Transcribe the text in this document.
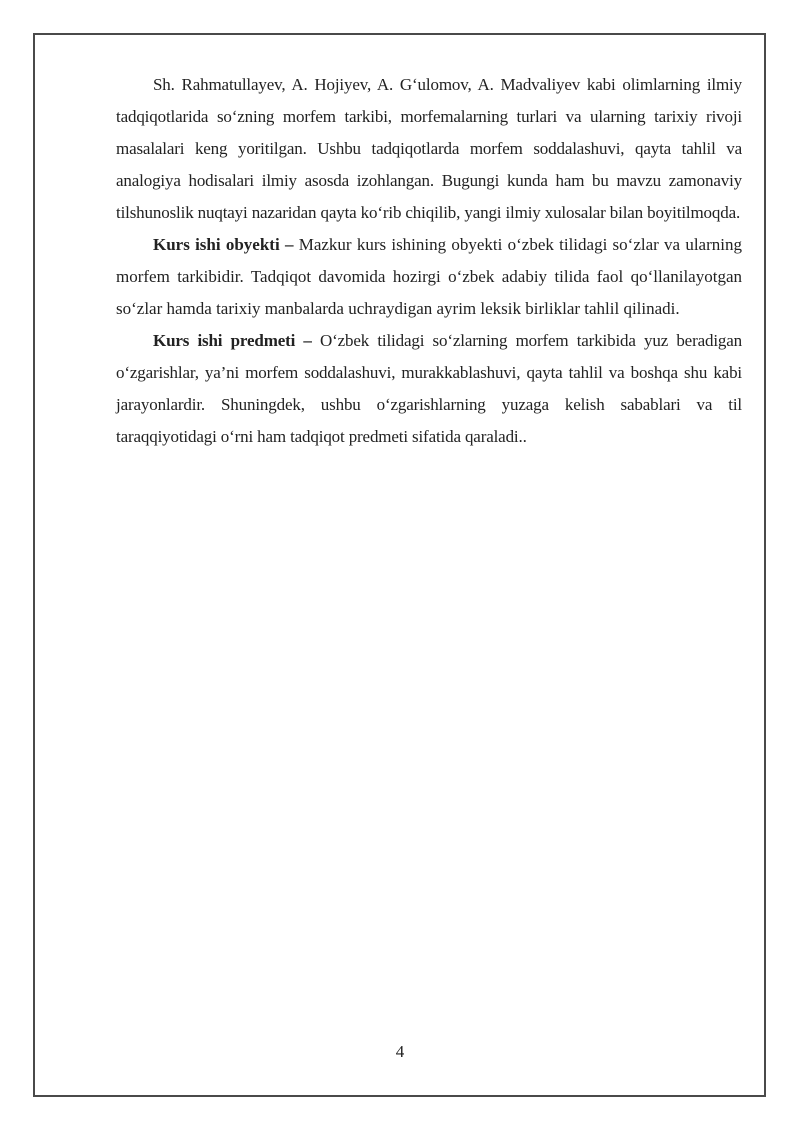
Sh. Rahmatullayev, A. Hojiyev, A. G‘ulomov, A. Madvaliyev kabi olimlarning ilmiy tadqiqotlarida so‘zning morfem tarkibi, morfemalarning turlari va ularning tarixiy rivoji masalalari keng yoritilgan. Ushbu tadqiqotlarda morfem soddalashuvi, qayta tahlil va analogiya hodisalari ilmiy asosda izohlangan. Bugungi kunda ham bu mavzu zamonaviy tilshunoslik nuqtayi nazaridan qayta ko‘rib chiqilib, yangi ilmiy xulosalar bilan boyitilmoqda.

Kurs ishi obyekti – Mazkur kurs ishining obyekti o‘zbek tilidagi so‘zlar va ularning morfem tarkibidir. Tadqiqot davomida hozirgi o‘zbek adabiy tilida faol qo‘llanilayotgan so‘zlar hamda tarixiy manbalarda uchraydigan ayrim leksik birliklar tahlil qilinadi.

Kurs ishi predmeti – O‘zbek tilidagi so‘zlarning morfem tarkibida yuz beradigan o‘zgarishlar, ya’ni morfem soddalashuvi, murakkablashuvi, qayta tahlil va boshqa shu kabi jarayonlardir. Shuningdek, ushbu o‘zgarishlarning yuzaga kelish sabablari va til taraqqiyotidagi o‘rni ham tadqiqot predmeti sifatida qaraladi..

4
